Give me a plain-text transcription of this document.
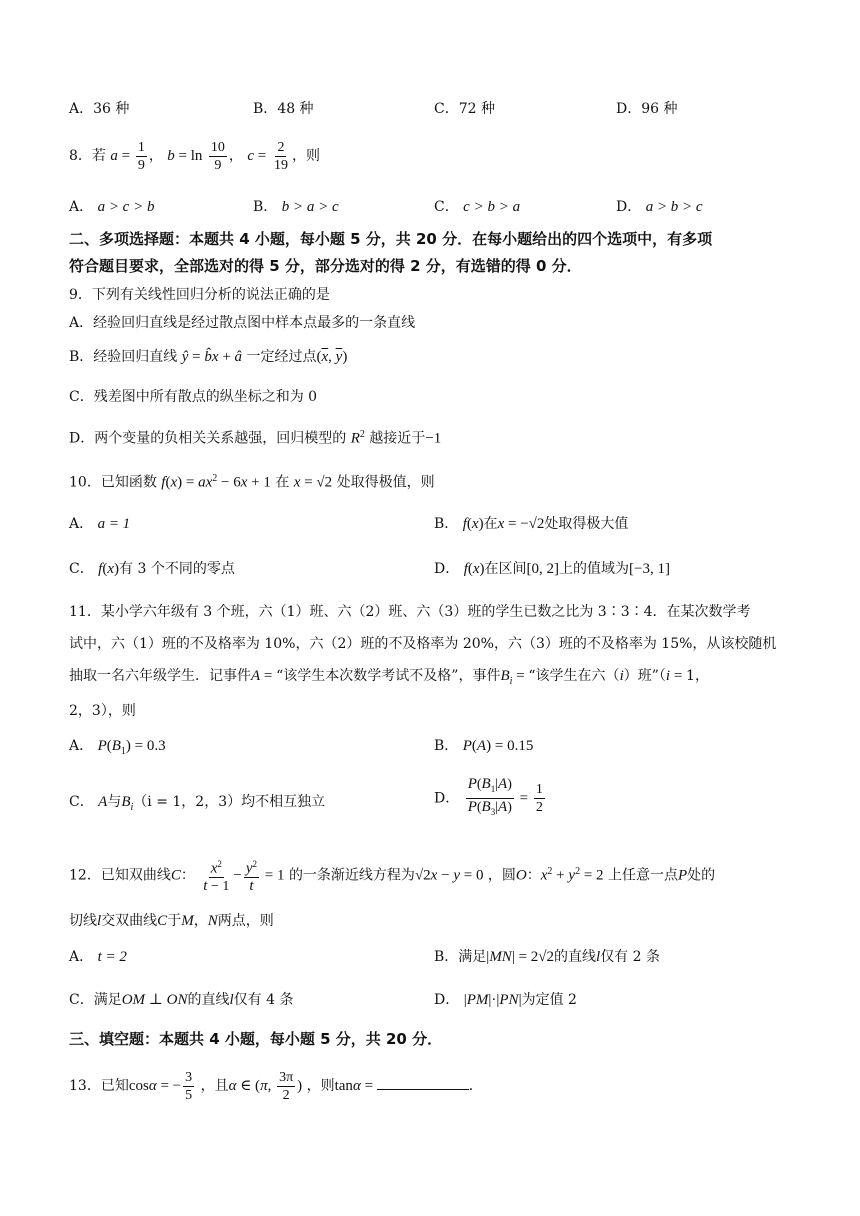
A．36 种	B．48 种	C．72 种	D．96 种
8．若 $a = \frac{1}{9}$ ， $b = \ln \frac{10}{9}$ ， $c = \frac{2}{19}$ ，则
A． a > c > b	B． b > a > c	C． c > b > a	D． a > b > c
二、多项选择题：本题共 4 小题，每小题 5 分，共 20 分．在每小题给出的四个选项中，有多项
符合题目要求，全部选对的得 5 分，部分选对的得 2 分，有选错的得 0 分．
9．下列有关线性回归分析的说法正确的是
A．经验回归直线是经过散点图中样本点最多的一条直线
B．经验回归直线 ŷ = b̂x + â 一定经过点($\overline{x}$, $\overline{y}$)
C．残差图中所有散点的纵坐标之和为 0
D．两个变量的负相关关系越强，回归模型的 $R^2$ 越接近于−1
10．已知函数 $f(x) = ax^2 - 6x + 1$ 在 x = √2 处取得极值，则
A． a = 1	B． f(x)在x = −√2处取得极大值
C． f(x)有 3 个不同的零点	D． f(x)在区间[0, 2]上的值域为[−3, 1]
11．某小学六年级有 3 个班，六（1）班、六（2）班、六（3）班的学生已数之比为 3∶3∶4．在某次数学考
试中，六（1）班的不及格率为 10%，六（2）班的不及格率为 20%，六（3）班的不及格率为 15%，从该校随机
抽取一名六年级学生．记事件A = “该学生本次数学考试不及格”，事件$B_i$ = “该学生在六（i）班”（i = 1，
2，3），则
A． $P(B_1) = 0.3$	B． P(A) = 0.15
C． A与$B_i(i = 1$，2，3）均不相互独立	D． $\frac{P(B_1|A)}{P(B_3|A)} = \frac{1}{2}$
12．已知双曲线C： $\frac{x^2}{t - 1} - \frac{y^2}{t} = 1$ 的一条渐近线方程为√2x − y = 0 ，圆O：$x^2 + y^2 = 2$ 上任意一点P处的
切线l交双曲线C于M，N两点，则
A． t = 2	B．满足|MN| = 2√2的直线l仅有 2 条
C．满足OM ⊥ ON的直线l仅有 4 条	D． |PM|·|PN|为定值 2
三、填空题：本题共 4 小题，每小题 5 分，共 20 分．
13．已知cosα = − $\frac{3}{5}$ ，且α ∈ (π, $\frac{3\pi}{2}$ ) ，则tanα =	．
